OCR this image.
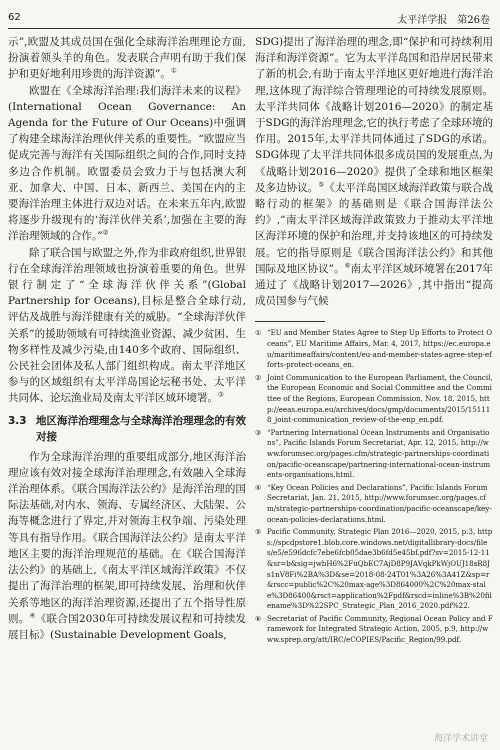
62	太平洋学报　第26卷

示”,欧盟及其成员国在强化全球海洋治理理论方面,扮演着领头羊的角色。发表联合声明有助于我们保护和更好地利用珍贵的海洋资源”。①

欧盟在《全球海洋治理:我们海洋未来的议程》(International Ocean Governance: An Agenda for the Future of Our Oceans)中强调了构建全球海洋治理伙伴关系的重要性。“欧盟应当促成完善与海洋有关国际组织之间的合作,同时支持多边合作机制。欧盟委员会致力于与包括澳大利亚、加拿大、中国、日本、新西兰、美国在内的主要海洋治理主体进行双边对话。在未来五年内,欧盟将逐步升级现有的‘海洋伙伴关系’,加强在主要的海洋治理领域的合作。”②

除了联合国与欧盟之外,作为非政府组织,世界银行在全球海洋治理领域也扮演着重要的角色。世界银行制定了“全球海洋伙伴关系”(Global Partnership for Oceans),目标是整合全球行动,评估及战胜与海洋健康有关的威胁。“全球海洋伙伴关系”的援助领域有可持续渔业资源、减少贫困、生物多样性及减少污染,由140多个政府、国际组织、公民社会团体及私人部门组织构成。南太平洋地区参与的区域组织有太平洋岛国论坛秘书处、太平洋共同体、论坛渔业局及南太平洋区域环境署。③

3.3 地区海洋治理理念与全球海洋治理理念的有效对接

作为全球海洋治理的重要组成部分,地区海洋治理应该有效对接全球海洋治理理念,有效融入全球海洋治理体系。《联合国海洋法公约》是海洋治理的国际法基础,对内水、领海、专属经济区、大陆架、公海等概念进行了界定,并对领海主权争端、污染处理等具有指导作用。《联合国海洋法公约》是南太平洋地区主要的海洋治理规范的基础。在《联合国海洋法公约》的基础上,《南太平洋区域海洋政策》不仅提出了海洋治理的框架,即可持续发展、治理和伙伴关系等地区的海洋治理资源,还提出了五个指导性原则。④《联合国2030年可持续发展议程和可持续发展目标》(Sustainable Development Goals,

SDG)提出了海洋治理的理念,即“保护和可持续利用海洋和海洋资源”。它为太平洋岛国和沿岸居民带来了新的机会,有助于南太平洋地区更好地进行海洋治理,这体现了海洋综合管理理论的可持续发展原则。太平洋共同体《战略计划2016—2020》的制定基于SDG的海洋治理理念,它的执行考虑了全球环境的作用。2015年,太平洋共同体通过了SDG的承诺。SDG体现了太平洋共同体很多成员国的发展重点,为《战略计划2016—2020》提供了全球和地区框架及多边协议。⑤《太平洋岛国区域海洋政策与联合战略行动的框架》的基础则是《联合国海洋法公约》,“南太平洋区域海洋政策致力于推动太平洋地区海洋环境的保护和治理,并支持该地区的可持续发展。它的指导原则是《联合国海洋法公约》和其他国际及地区协议”。⑥南太平洋区域环境署在2017年通过了《战略计划2017—2026》,其中指出“提高成员国参与气候

① “EU and Member States Agree to Step Up Efforts to Protect Oceans”, EU Maritime Affairs, Mar. 4, 2017, https://ec.europa.eu/maritimeaffairs/content/eu-and-member-states-agree-step-efforts-protect-oceans_en.
② Joint Communication to the European Parliament, the Council, the European Economic and Social Committee and the Committee of the Regions, European Commission, Nov. 18, 2015, http://eeas.europa.eu/archives/docs/gmp/documents/2015/151118_joint-communication_review-of-the-enp_en.pdf.
③ “Partnering International Ocean Instruments and Organisations”, Pacific Islands Forum Secretariat, Apr. 12, 2015, http://www.forumsec.org/pages.cfm/strategic-partnerships-coordination/pacific-oceanscape/partnering-international-ocean-instruments-organisations.html.
④ “Key Ocean Policies and Declarations”, Pacific Islands Forum Secretariat, Jan. 21, 2015, http://www.forumsec.org/pages.cfm/strategic-partnerships-coordination/pacific-oceanscape/key-ocean-policies-declarations.html.
⑤ Pacific Community, Strategic Plan 2016—2020, 2015, p.3, https://spcdpstore1.blob.core.windows.net/digitallibrary-docs/files/e5/e596dcfc7ebe6fcb05dae3b6fd5e45bf.pdf?sv=2015-12-11&sr=b&sig=jwbH6%2FuQbEC7AjD8P9JAVqkPkWjOUJ18sR8Js1nV8Fi%2BA%3D&se=2018-08-24T01%3A26%3A41Z&sp=r&rscc=public%2C%20max-age%3D864000%2C%20max-stale%3D86400&rsct=application%2Fpdf&rscd=inline%3B%20filename%3D%22SPC_Strategic_Plan_2016_2020.pdf%22.
⑥ Secretariat of Pacific Community, Regional Ocean Policy and Framework for Integrated Strategic Action, 2005, p.9, http://www.sprep.org/att/IRC/eCOPIES/Pacific_Region/99.pdf.
海洋学术讲堂
